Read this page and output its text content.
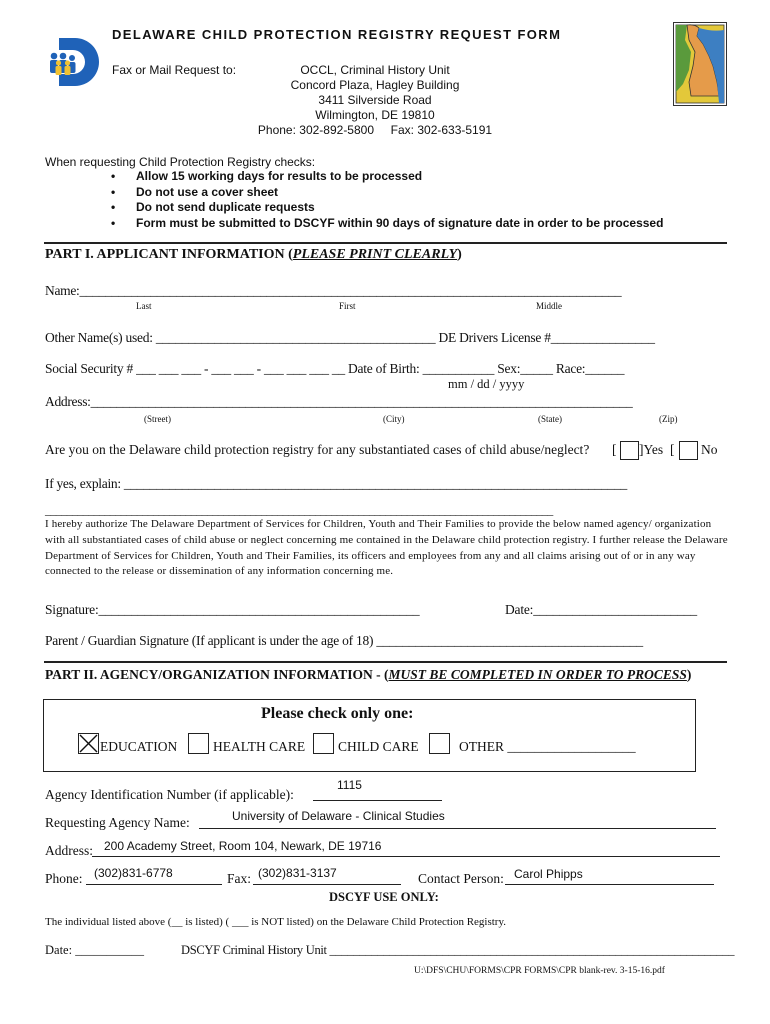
DELAWARE CHILD PROTECTION REGISTRY REQUEST FORM
Fax or Mail Request to:	OCCL, Criminal History Unit
Concord Plaza, Hagley Building
3411 Silverside Road
Wilmington, DE 19810
Phone: 302-892-5800     Fax: 302-633-5191
When requesting Child Protection Registry checks:
• Allow 15 working days for results to be processed
• Do not use a cover sheet
• Do not send duplicate requests
• Form must be submitted to DSCYF within 90 days of signature date in order to be processed
PART I. APPLICANT INFORMATION (PLEASE PRINT CLEARLY)
Name:____________________________________________________________________________________
Last	First	Middle
Other Name(s) used: ___________________________________________ DE Drivers License #________________
Social Security # ___ ___ ___ - ___ ___ - ___ ___ ___ __ Date of Birth: ___________ Sex:_____ Race:______
mm / dd / yyyy
Address:____________________________________________________________________________________
(Street)	(City)	(State)	(Zip)
Are you on the Delaware child protection registry for any substantiated cases of child abuse/neglect? [ ]Yes [ No
If yes, explain: ______________________________________________________________________________
______________________________________________________________________________________________
I hereby authorize The Delaware Department of Services for Children, Youth and Their Families to provide the below named agency/ organization with all substantiated cases of child abuse or neglect concerning me contained in the Delaware child protection registry. I further release the Delaware Department of Services for Children, Youth and Their Families, its officers and employees from any and all claims arising out of or in any way connected to the release or dissemination of any information concerning me.
Signature:_________________________________________________	Date:_________________________
Parent / Guardian Signature (If applicant is under the age of 18) _________________________________________
PART II. AGENCY/ORGANIZATION INFORMATION - (MUST BE COMPLETED IN ORDER TO PROCESS)
Please check only one:
EDUCATION	HEALTH CARE CHILD CARE	OTHER ___________________
Agency Identification Number (if applicable):
1115
Requesting Agency Name:	University of Delaware - Clinical Studies
Address: 200 Academy Street, Room 104, Newark, DE 19716
Phone: (302)831-6778	Fax: (302)831-3137	Contact Person: Carol Phipps
DSCYF USE ONLY:
The individual listed above (__ is listed) ( ___ is NOT listed) on the Delaware Child Protection Registry.
Date: ___________	DSCYF Criminal History Unit ____________________________________________________________________
U:\DFS\CHU\FORMS\CPR FORMS\CPR blank-rev. 3-15-16.pdf
